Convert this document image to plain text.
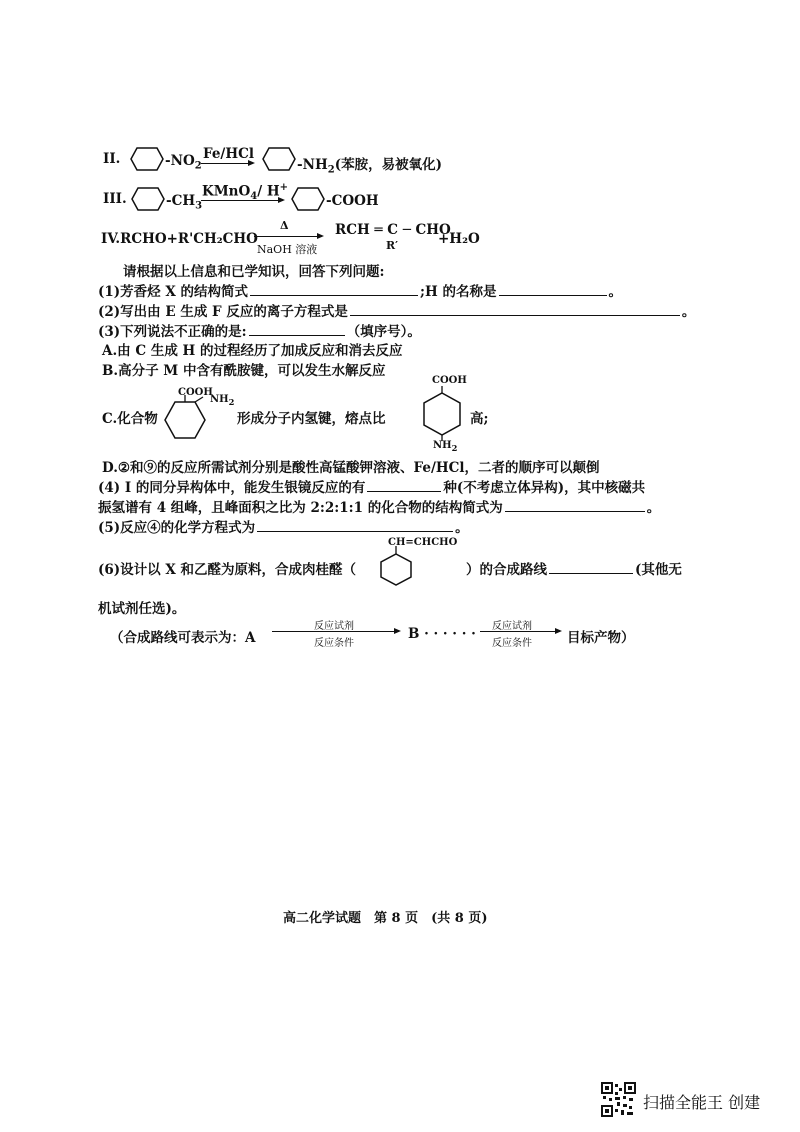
II.	$-NO_2$
Fe/HCl
$-NH_2$(苯胺，易被氧化)
III.	$-CH_3$
KMnO$_4$/ H+
-COOH
IV.RCHO+R'CH₂CHO
Δ
NaOH 溶液
RCH ═ C ─ CHO
R′	+H₂O
请根据以上信息和已学知识，回答下列问题:
(1)芳香烃 X 的结构简式	;H 的名称是	。
(2)写出由 E 生成 F 反应的离子方程式是	。
(3)下列说法不正确的是:	（填序号）。
A.由 C 生成 H 的过程经历了加成反应和消去反应
B.高分子 M 中含有酰胺键，可以发生水解反应
C.化合物
COOH
$NH_2$
形成分子内氢键，熔点比
COOH
$NH_2$
高;
D.②和⑨的反应所需试剂分别是酸性高锰酸钾溶液、Fe/HCl，二者的顺序可以颠倒
(4) I 的同分异构体中，能发生银镜反应的有	种(不考虑立体异构)，其中核磁共
振氢谱有 4 组峰，且峰面积之比为 2:2:1:1 的化合物的结构简式为	。
(5)反应④的化学方程式为	。
(6)设计以 X 和乙醛为原料，合成肉桂醛（
CH=CHCHO
）的合成路线	(其他无
机试剂任选)。
（合成路线可表示为：A
反应试剂
反应条件
B · · · · · · 反应试剂
反应条件	目标产物）
高二化学试题　第 8 页　(共 8 页)
扫描全能王 创建
